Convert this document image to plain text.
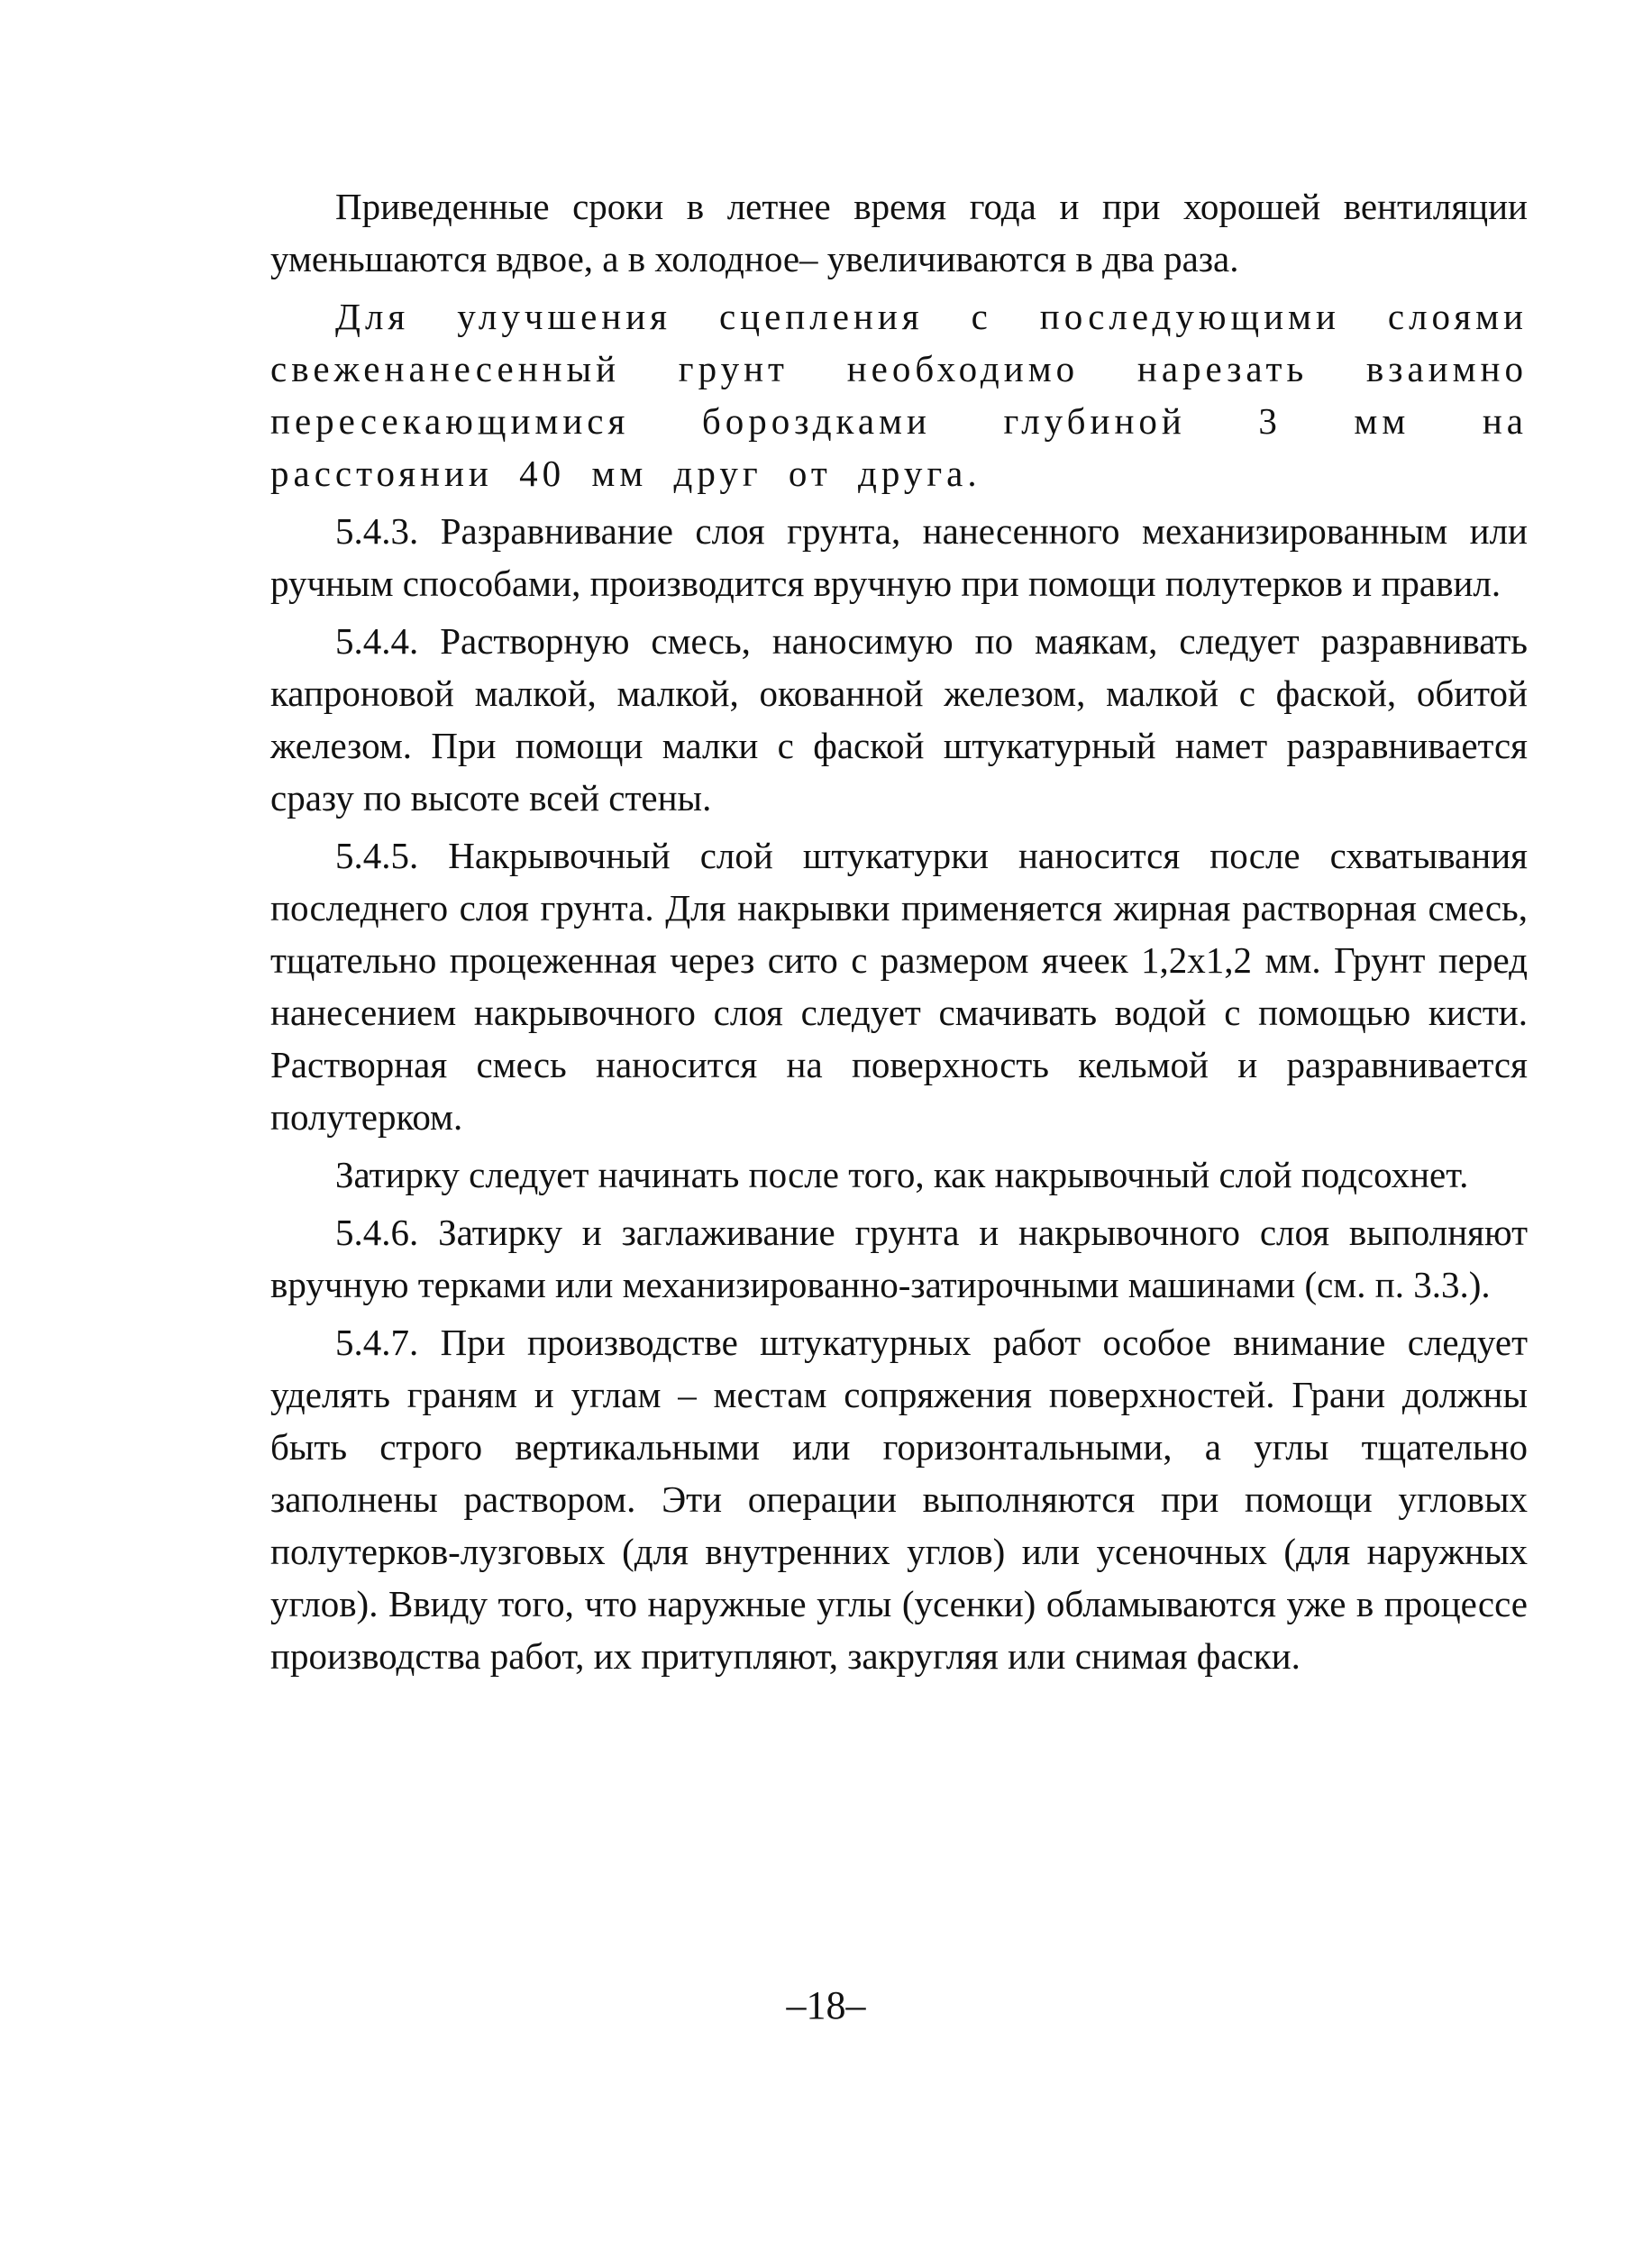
Приведенные сроки в летнее время года и при хорошей вентиляции уменьшаются вдвое, а в холодное– увеличиваются в два раза.

Для улучшения сцепления с последующими слоями свеженанесенный грунт необходимо нарезать взаимно пересекающимися бороздками глубиной 3 мм на расстоянии 40 мм друг от друга.

5.4.3. Разравнивание слоя грунта, нанесенного механизированным или ручным способами, производится вручную при помощи полутерков и правил.

5.4.4. Растворную смесь, наносимую по маякам, следует разравнивать капроновой малкой, малкой, окованной железом, малкой с фаской, обитой железом. При помощи малки с фаской штукатурный намет разравнивается сразу по высоте всей стены.

5.4.5. Накрывочный слой штукатурки наносится после схватывания последнего слоя грунта. Для накрывки применяется жирная растворная смесь, тщательно процеженная через сито с размером ячеек 1,2х1,2 мм. Грунт перед нанесением накрывочного слоя следует смачивать водой с помощью кисти. Растворная смесь наносится на поверхность кельмой и разравнивается полутерком.

Затирку следует начинать после того, как накрывочный слой подсохнет.

5.4.6. Затирку и заглаживание грунта и накрывочного слоя выполняют вручную терками или механизированно-затирочными машинами (см. п. 3.3.).

5.4.7. При производстве штукатурных работ особое внимание следует уделять граням и углам – местам сопряжения поверхностей. Грани должны быть строго вертикальными или горизонтальными, а углы тщательно заполнены раствором. Эти операции выполняются при помощи угловых полутерков-лузговых (для внутренних углов) или усеночных (для наружных углов). Ввиду того, что наружные углы (усенки) обламываются уже в процессе производства работ, их притупляют, закругляя или снимая фаски.

–18–
